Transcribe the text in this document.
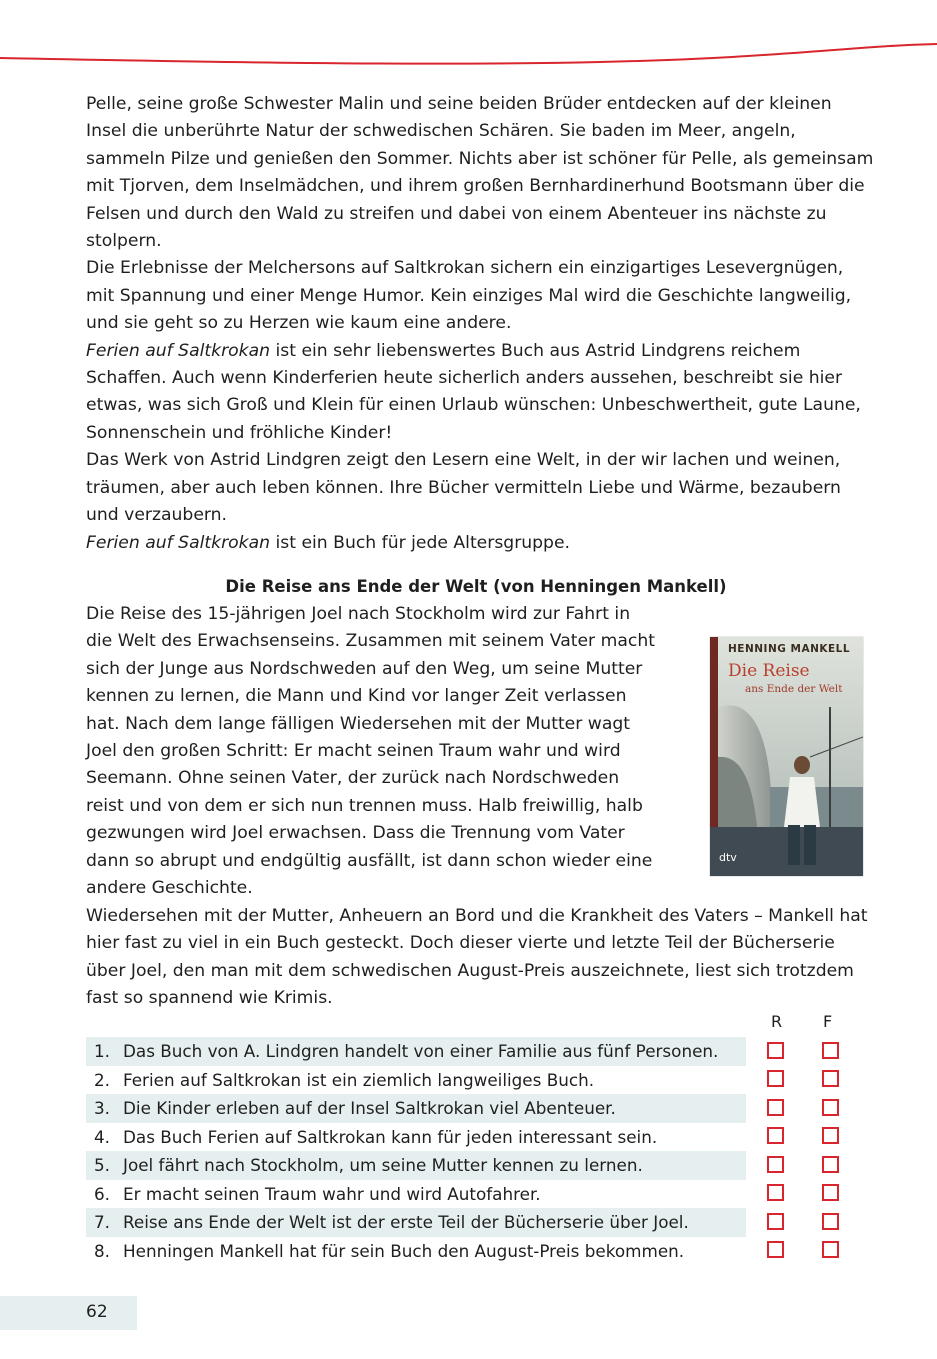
Pelle, seine große Schwester Malin und seine beiden Brüder entdecken auf der kleinen Insel die unberührte Natur der schwedischen Schären. Sie baden im Meer, angeln, sammeln Pilze und genießen den Sommer. Nichts aber ist schöner für Pelle, als gemeinsam mit Tjorven, dem Inselmädchen, und ihrem großen Bernhardinerhund Bootsmann über die Felsen und durch den Wald zu streifen und dabei von einem Abenteuer ins nächste zu stolpern.

Die Erlebnisse der Melchersons auf Saltkrokan sichern ein einzigartiges Lesevergnügen, mit Spannung und einer Menge Humor. Kein einziges Mal wird die Geschichte langweilig, und sie geht so zu Herzen wie kaum eine andere.

Ferien auf Saltkrokan ist ein sehr liebenswertes Buch aus Astrid Lindgrens reichem Schaffen. Auch wenn Kinderferien heute sicherlich anders aussehen, beschreibt sie hier etwas, was sich Groß und Klein für einen Urlaub wünschen: Unbeschwertheit, gute Laune, Sonnenschein und fröhliche Kinder!

Das Werk von Astrid Lindgren zeigt den Lesern eine Welt, in der wir lachen und weinen, träumen, aber auch leben können. Ihre Bücher vermitteln Liebe und Wärme, bezaubern und verzaubern.

Ferien auf Saltkrokan ist ein Buch für jede Altersgruppe.

Die Reise ans Ende der Welt (von Henningen Mankell)

Die Reise des 15-jährigen Joel nach Stockholm wird zur Fahrt in

die Welt des Erwachsenseins. Zusammen mit seinem Vater macht

sich der Junge aus Nordschweden auf den Weg, um seine Mutter

kennen zu lernen, die Mann und Kind vor langer Zeit verlassen

hat. Nach dem lange fälligen Wiedersehen mit der Mutter wagt

Joel den großen Schritt: Er macht seinen Traum wahr und wird

Seemann. Ohne seinen Vater, der zurück nach Nordschweden

reist und von dem er sich nun trennen muss. Halb freiwillig, halb

gezwungen wird Joel erwachsen. Dass die Trennung vom Vater

dann so abrupt und endgültig ausfällt, ist dann schon wieder eine

andere Geschichte.

Wiedersehen mit der Mutter, Anheuern an Bord und die Krankheit des Vaters – Mankell hat hier fast zu viel in ein Buch gesteckt. Doch dieser vierte und letzte Teil der Bücherserie über Joel, den man mit dem schwedischen August-Preis auszeichnete, liest sich trotzdem fast so spannend wie Krimis.

HENNING MANKELL
Die Reise
ans Ende der Welt
dtv
R	F
1. Das Buch von A. Lindgren handelt von einer Familie aus fünf Personen.
2. Ferien auf Saltkrokan ist ein ziemlich langweiliges Buch.
3. Die Kinder erleben auf der Insel Saltkrokan viel Abenteuer.
4. Das Buch Ferien auf Saltkrokan kann für jeden interessant sein.
5. Joel fährt nach Stockholm, um seine Mutter kennen zu lernen.
6. Er macht seinen Traum wahr und wird Autofahrer.
7. Reise ans Ende der Welt ist der erste Teil der Bücherserie über Joel.
8. Henningen Mankell hat für sein Buch den August-Preis bekommen.
62
